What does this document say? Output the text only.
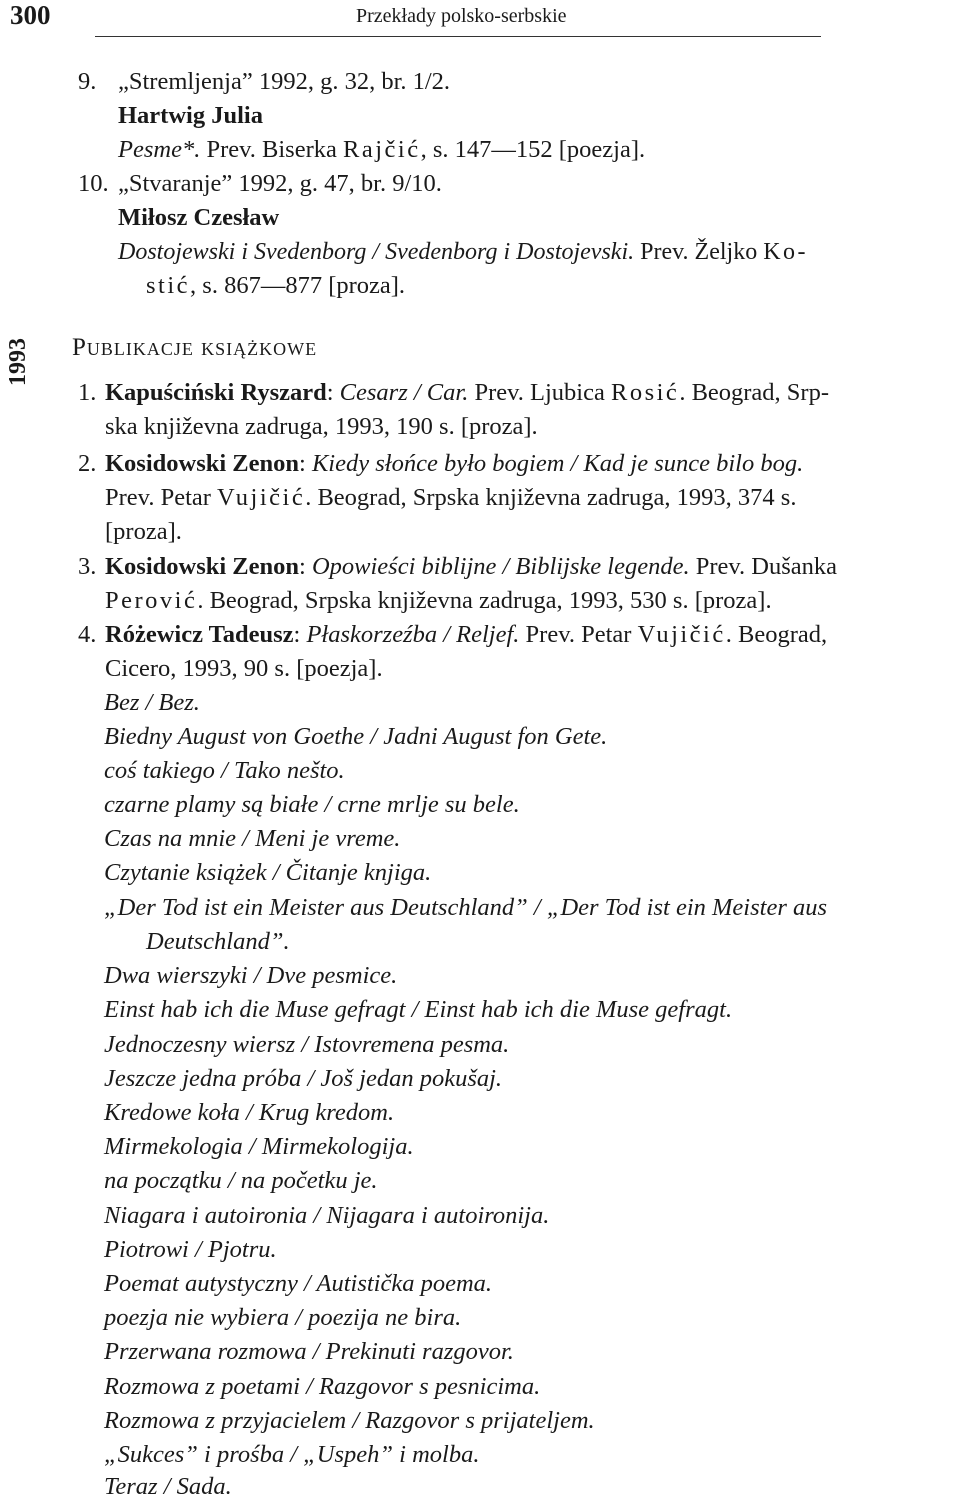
300	Przekłady polsko-serbskie
1993
9. „Stremljenja” 1992, g. 32, br. 1/2.
Hartwig Julia
Pesme*. Prev. Biserka Rajčić, s. 147—152 [poezja].
10. „Stvaranje” 1992, g. 47, br. 9/10.
Miłosz Czesław
Dostojewski i Svedenborg / Svedenborg i Dostojevski. Prev. Željko Ko-
stić, s. 867—877 [proza].
Publikacje książkowe
1. Kapuściński Ryszard: Cesarz / Car. Prev. Ljubica Rosić. Beograd, Srp-
ska književna zadruga, 1993, 190 s. [proza].
2. Kosidowski Zenon: Kiedy słońce było bogiem / Kad je sunce bilo bog.
Prev. Petar Vujičić. Beograd, Srpska književna zadruga, 1993, 374 s.
[proza].
3. Kosidowski Zenon: Opowieści biblijne / Biblijske legende. Prev. Dušanka
Perović. Beograd, Srpska književna zadruga, 1993, 530 s. [proza].
4. Różewicz Tadeusz: Płaskorzeźba / Reljef. Prev. Petar Vujičić. Beograd,
Cicero, 1993, 90 s. [poezja].
Bez / Bez.
Biedny August von Goethe / Jadni August fon Gete.
coś takiego / Tako nešto.
czarne plamy są białe / crne mrlje su bele.
Czas na mnie / Meni je vreme.
Czytanie książek / Čitanje knjiga.
„Der Tod ist ein Meister aus Deutschland” / „Der Tod ist ein Meister aus
Deutschland”.
Dwa wierszyki / Dve pesmice.
Einst hab ich die Muse gefragt / Einst hab ich die Muse gefragt.
Jednoczesny wiersz / Istovremena pesma.
Jeszcze jedna próba / Još jedan pokušaj.
Kredowe koła / Krug kredom.
Mirmekologia / Mirmekologija.
na początku / na početku je.
Niagara i autoironia / Nijagara i autoironija.
Piotrowi / Pjotru.
Poemat autystyczny / Autistička poema.
poezja nie wybiera / poezija ne bira.
Przerwana rozmowa / Prekinuti razgovor.
Rozmowa z poetami / Razgovor s pesnicima.
Rozmowa z przyjacielem / Razgovor s prijateljem.
„Sukces” i prośba / „Uspeh” i molba.
Teraz / Sada.
